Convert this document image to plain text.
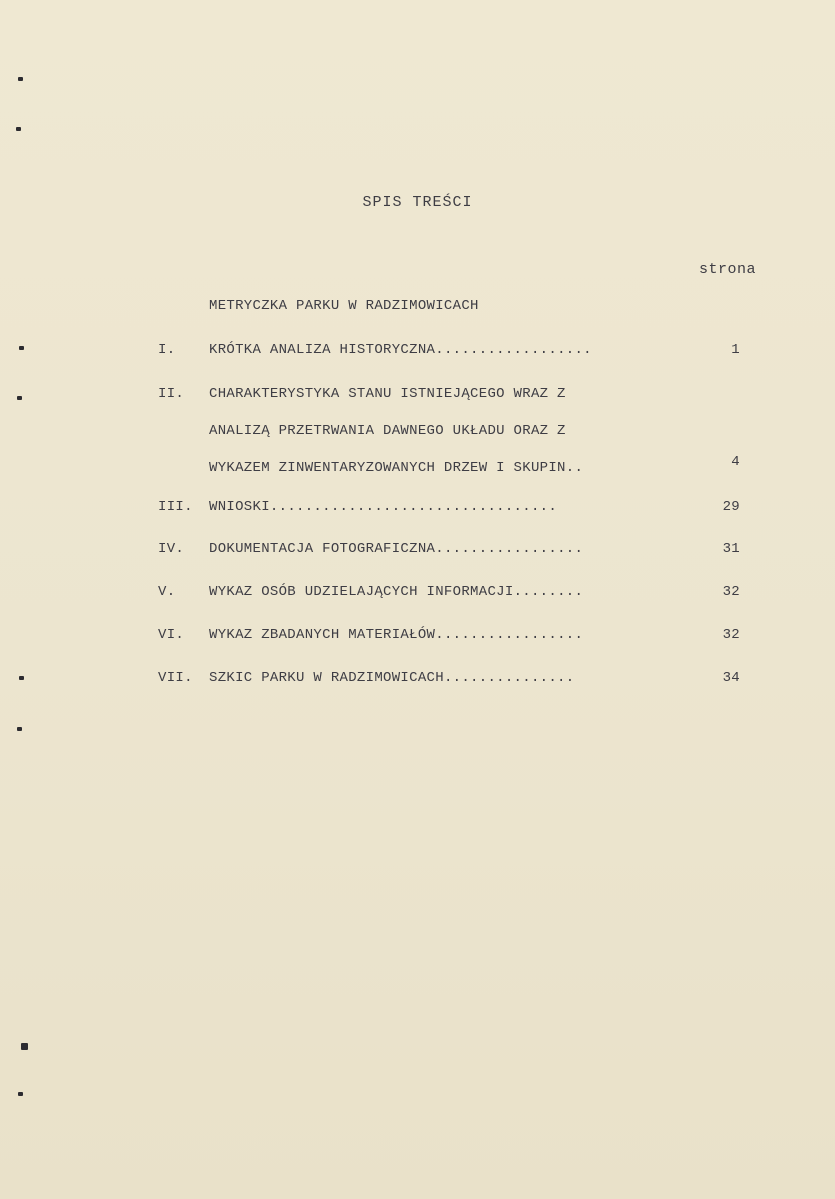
SPIS TREŚCI
strona
METRYCZKA PARKU W RADZIMOWICACH
I. KRÓTKA ANALIZA HISTORYCZNA..................	1
II. CHARAKTERYSTYKA STANU ISTNIEJĄCEGO WRAZ Z
ANALIZĄ PRZETRWANIA DAWNEGO UKŁADU ORAZ Z
WYKAZEM ZINWENTARYZOWANYCH DRZEW I SKUPIN..	4
III. WNIOSKI.................................	29
IV. DOKUMENTACJA FOTOGRAFICZNA.................	31
V. WYKAZ OSÓB UDZIELAJĄCYCH INFORMACJI........	32
VI. WYKAZ ZBADANYCH MATERIAŁÓW.................	32
VII. SZKIC PARKU W RADZIMOWICACH...............	34
